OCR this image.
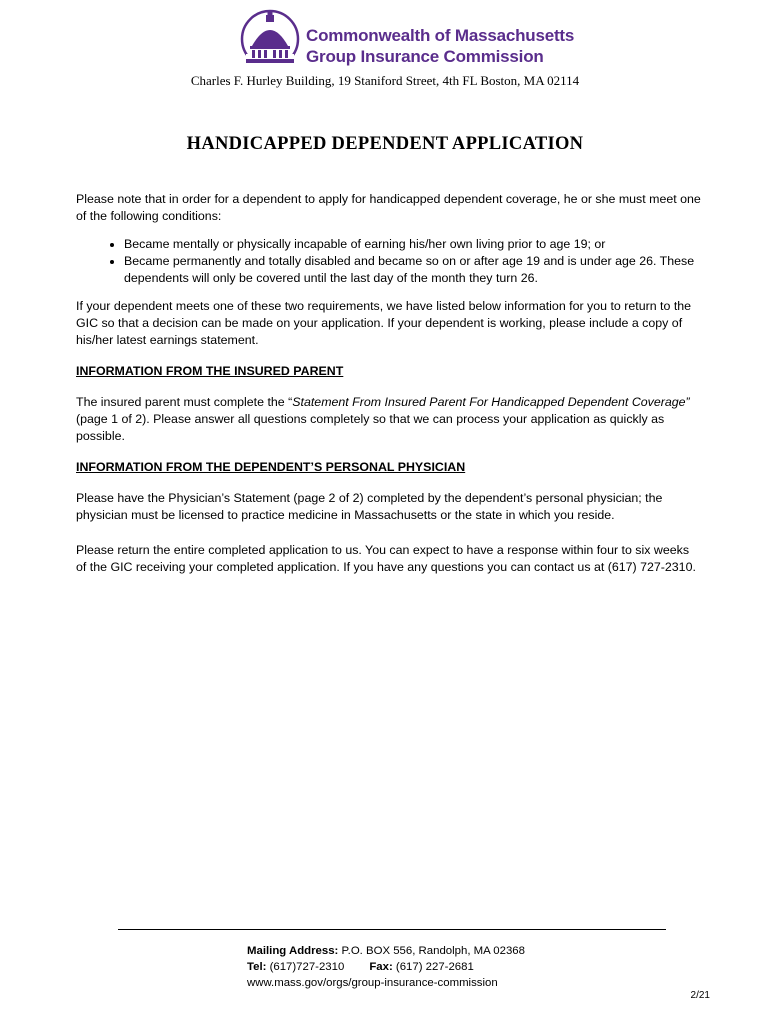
Commonwealth of Massachusetts
Group Insurance Commission
Charles F. Hurley Building, 19 Staniford Street, 4th FL Boston, MA 02114
HANDICAPPED DEPENDENT APPLICATION

Please note that in order for a dependent to apply for handicapped dependent coverage, he or she must meet one of the following conditions:

• Became mentally or physically incapable of earning his/her own living prior to age 19; or
• Became permanently and totally disabled and became so on or after age 19 and is under age 26. These dependents will only be covered until the last day of the month they turn 26.

If your dependent meets one of these two requirements, we have listed below information for you to return to the GIC so that a decision can be made on your application. If your dependent is working, please include a copy of his/her latest earnings statement.

INFORMATION FROM THE INSURED PARENT

The insured parent must complete the “Statement From Insured Parent For Handicapped Dependent Coverage” (page 1 of 2). Please answer all questions completely so that we can process your application as quickly as possible.

INFORMATION FROM THE DEPENDENT’S PERSONAL PHYSICIAN

Please have the Physician’s Statement (page 2 of 2) completed by the dependent’s personal physician; the physician must be licensed to practice medicine in Massachusetts or the state in which you reside.

Please return the entire completed application to us. You can expect to have a response within four to six weeks of the GIC receiving your completed application. If you have any questions you can contact us at (617) 727-2310.

Mailing Address: P.O. BOX 556, Randolph, MA 02368
Tel: (617)727-2310 Fax: (617) 227-2681
www.mass.gov/orgs/group-insurance-commission
2/21
